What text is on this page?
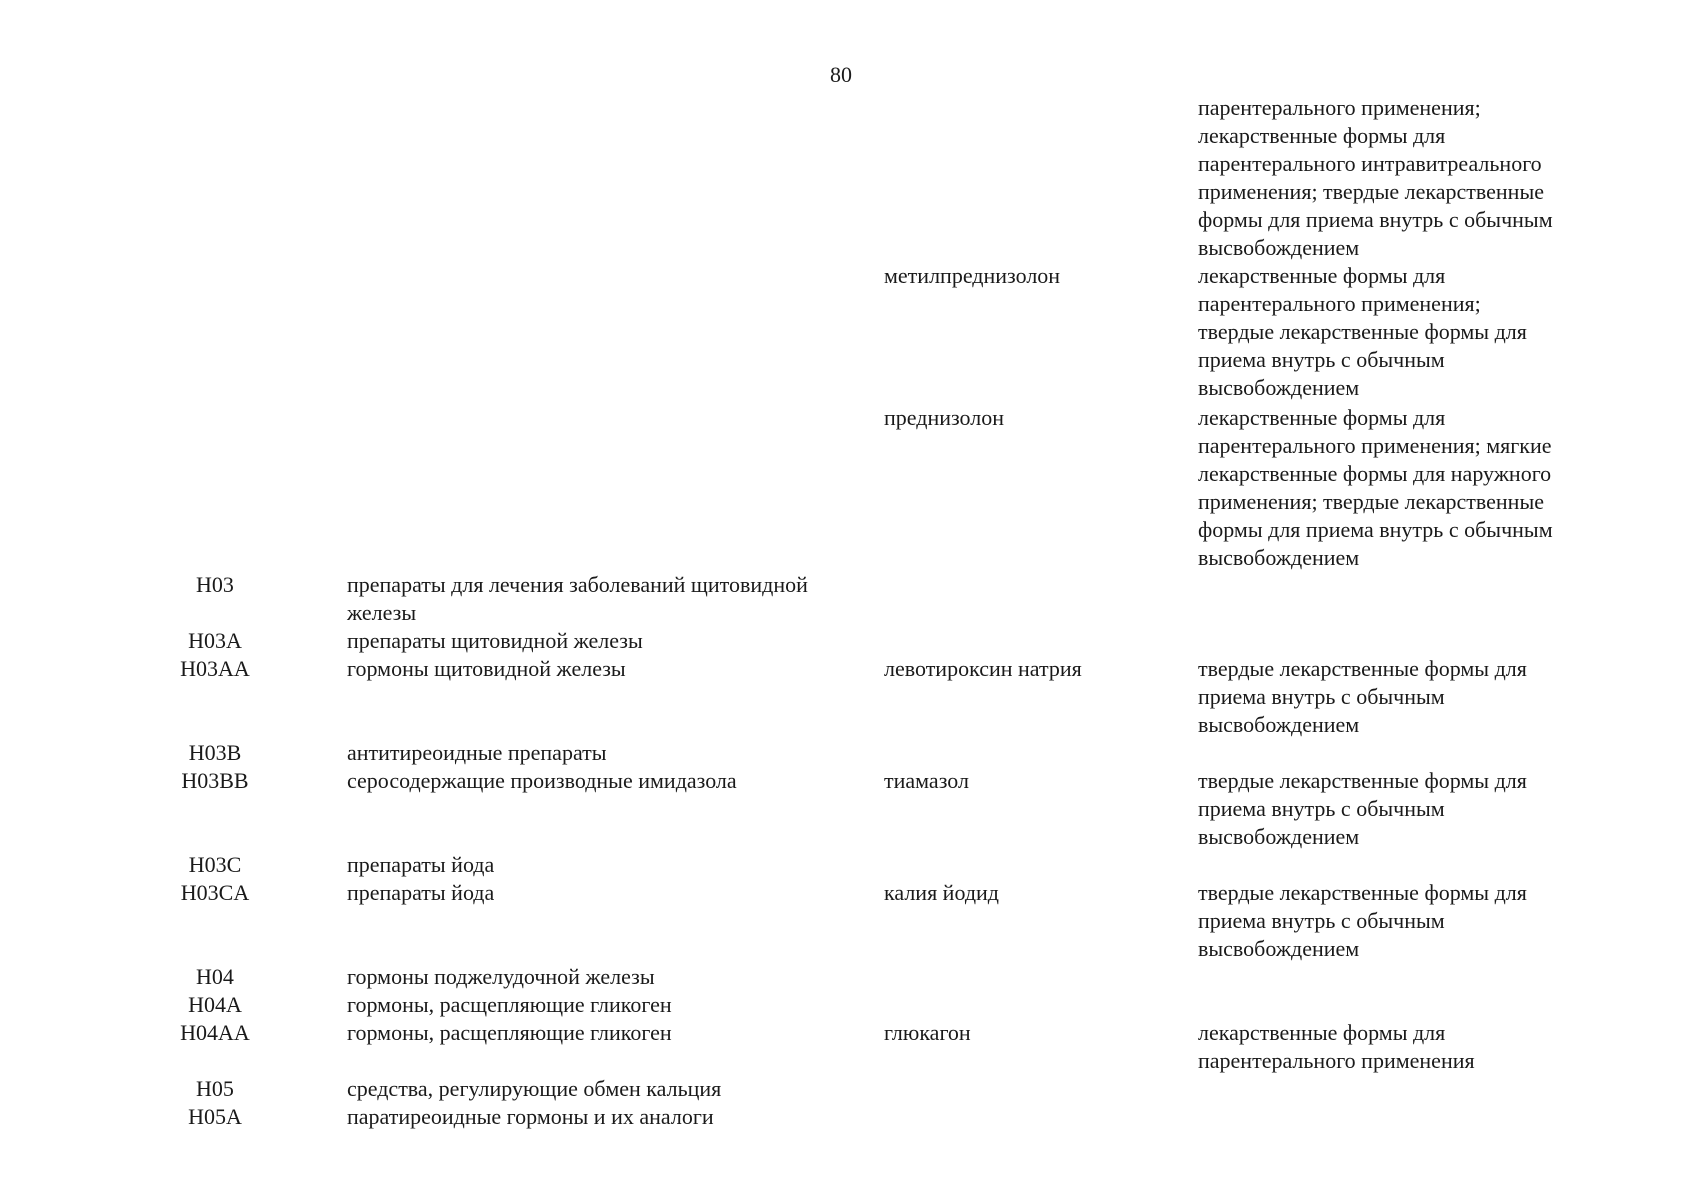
80
парентерального применения;
лекарственные формы для
парентерального интравитреального
применения; твердые лекарственные
формы для приема внутрь с обычным
высвобождением
метилпреднизолон	лекарственные формы для
парентерального применения;
твердые лекарственные формы для
приема внутрь с обычным
высвобождением
преднизолон	лекарственные формы для
парентерального применения; мягкие
лекарственные формы для наружного
применения; твердые лекарственные
формы для приема внутрь с обычным
высвобождением
H03	препараты для лечения заболеваний щитовидной
железы
H03A	препараты щитовидной железы
H03AA	гормоны щитовидной железы	левотироксин натрия	твердые лекарственные формы для
приема внутрь с обычным
высвобождением
H03B	антитиреоидные препараты
H03BB	серосодержащие производные имидазола	тиамазол	твердые лекарственные формы для
приема внутрь с обычным
высвобождением
H03C	препараты йода
H03CA	препараты йода	калия йодид	твердые лекарственные формы для
приема внутрь с обычным
высвобождением
H04	гормоны поджелудочной железы
H04A	гормоны, расщепляющие гликоген
H04AA	гормоны, расщепляющие гликоген	глюкагон	лекарственные формы для
парентерального применения
H05	средства, регулирующие обмен кальция
H05A	паратиреоидные гормоны и их аналоги
